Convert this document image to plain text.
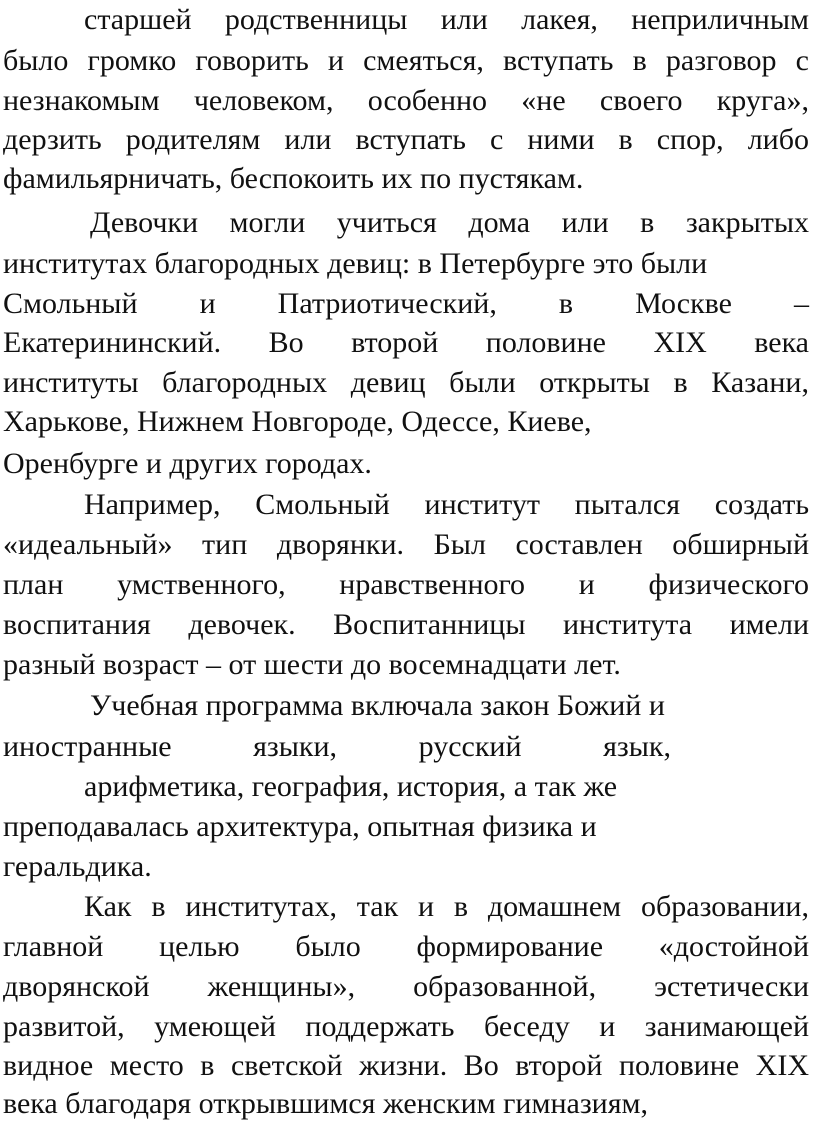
старшей родственницы или лакея, неприличным

было громко говорить и смеяться, вступать в разговор с

незнакомым человеком, особенно «не своего круга»,

дерзить родителям или вступать с ними в спор, либо

фамильярничать, беспокоить их по пустякам.

Девочки могли учиться дома или в закрытых

институтах благородных девиц: в Петербурге это были

Смольный и Патриотический, в Москве –

Екатерининский. Во второй половине XIX века

институты благородных девиц были открыты в Казани,

Харькове, Нижнем Новгороде, Одессе, Киеве,

Оренбурге и других городах.

Например, Смольный институт пытался создать

«идеальный» тип дворянки. Был составлен обширный

план умственного, нравственного и физического

воспитания девочек. Воспитанницы института имели

разный возраст – от шести до восемнадцати лет.

Учебная программа включала закон Божий и

иностранные языки, русский язык,

арифметика, география, история, а так же

преподавалась архитектура, опытная физика и

геральдика.

Как в институтах, так и в домашнем образовании,

главной целью было формирование «достойной

дворянской женщины», образованной, эстетически

развитой, умеющей поддержать беседу и занимающей

видное место в светской жизни. Во второй половине XIX

века благодаря открывшимся женским гимназиям,
